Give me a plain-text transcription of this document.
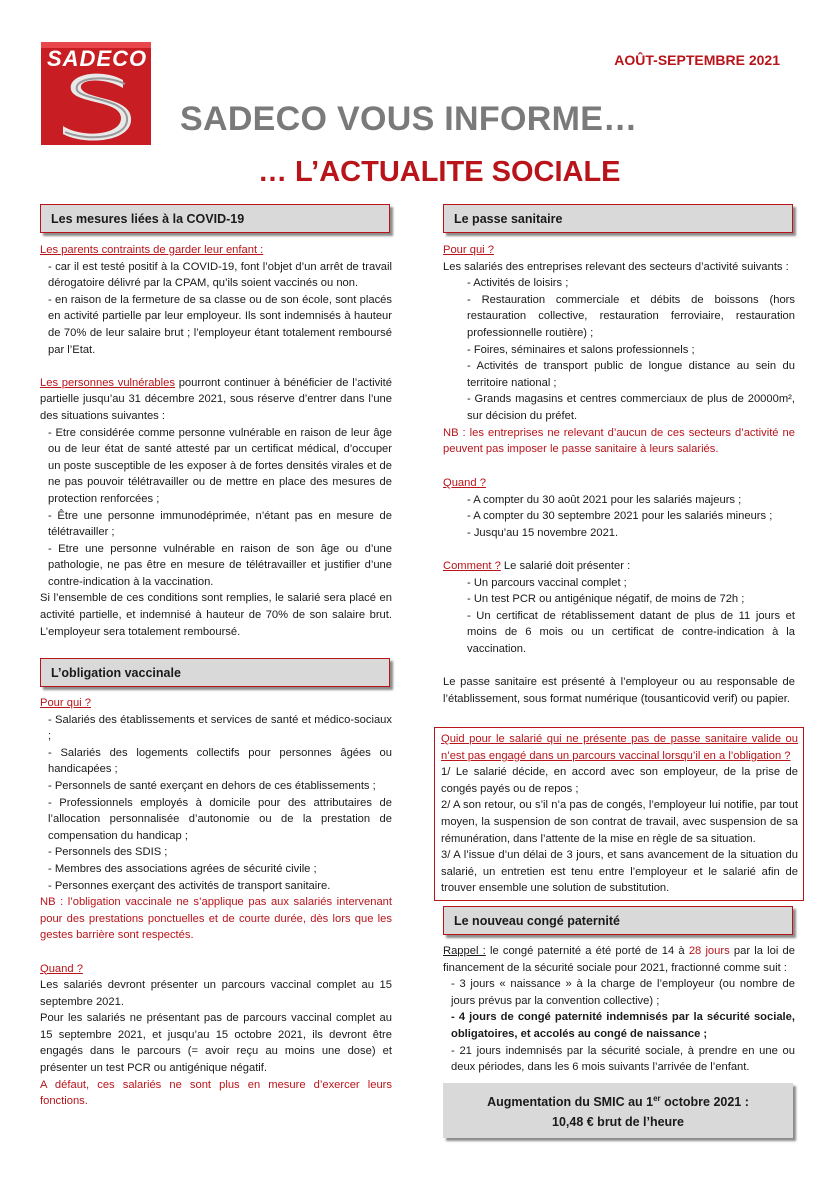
SADECO	AOÛT-SEPTEMBRE 2021
SADECO VOUS INFORME…
… L’ACTUALITE SOCIALE
Les mesures liées à la COVID-19

Les parents contraints de garder leur enfant :

- car il est testé positif à la COVID-19, font l’objet d’un arrêt de travail dérogatoire délivré par la CPAM, qu’ils soient vaccinés ou non.

- en raison de la fermeture de sa classe ou de son école, sont placés en activité partielle par leur employeur. Ils sont indemnisés à hauteur de 70% de leur salaire brut ; l’employeur étant totalement remboursé par l’Etat.

Les personnes vulnérables pourront continuer à bénéficier de l’activité partielle jusqu’au 31 décembre 2021, sous réserve d’entrer dans l’une des situations suivantes :

- Etre considérée comme personne vulnérable en raison de leur âge ou de leur état de santé attesté par un certificat médical, d’occuper un poste susceptible de les exposer à de fortes densités virales et de ne pas pouvoir télétravailler ou de mettre en place des mesures de protection renforcées ;

- Être une personne immunodéprimée, n’étant pas en mesure de télétravailler ;

- Etre une personne vulnérable en raison de son âge ou d’une pathologie, ne pas être en mesure de télétravailler et justifier d’une contre-indication à la vaccination.

Si l’ensemble de ces conditions sont remplies, le salarié sera placé en activité partielle, et indemnisé à hauteur de 70% de son salaire brut. L’employeur sera totalement remboursé.

L’obligation vaccinale

Pour qui ?

- Salariés des établissements et services de santé et médico-sociaux ;

- Salariés des logements collectifs pour personnes âgées ou handicapées ;

- Personnels de santé exerçant en dehors de ces établissements ;

- Professionnels employés à domicile pour des attributaires de l’allocation personnalisée d’autonomie ou de la prestation de compensation du handicap ;

- Personnels des SDIS ;

- Membres des associations agrées de sécurité civile ;

- Personnes exerçant des activités de transport sanitaire.

NB : l’obligation vaccinale ne s’applique pas aux salariés intervenant pour des prestations ponctuelles et de courte durée, dès lors que les gestes barrière sont respectés.

Quand ?

Les salariés devront présenter un parcours vaccinal complet au 15 septembre 2021.

Pour les salariés ne présentant pas de parcours vaccinal complet au 15 septembre 2021, et jusqu’au 15 octobre 2021, ils devront être engagés dans le parcours (= avoir reçu au moins une dose) et présenter un test PCR ou antigénique négatif.

A défaut, ces salariés ne sont plus en mesure d’exercer leurs fonctions.

Le passe sanitaire

Pour qui ?

Les salariés des entreprises relevant des secteurs d’activité suivants :

- Activités de loisirs ;

- Restauration commerciale et débits de boissons (hors restauration collective, restauration ferroviaire, restauration professionnelle routière) ;

- Foires, séminaires et salons professionnels ;

- Activités de transport public de longue distance au sein du territoire national ;

- Grands magasins et centres commerciaux de plus de 20000m², sur décision du préfet.

NB : les entreprises ne relevant d’aucun de ces secteurs d’activité ne peuvent pas imposer le passe sanitaire à leurs salariés.

Quand ?

- A compter du 30 août 2021 pour les salariés majeurs ;

- A compter du 30 septembre 2021 pour les salariés mineurs ;

- Jusqu’au 15 novembre 2021.

Comment ? Le salarié doit présenter :

- Un parcours vaccinal complet ;

- Un test PCR ou antigénique négatif, de moins de 72h ;

- Un certificat de rétablissement datant de plus de 11 jours et moins de 6 mois ou un certificat de contre-indication à la vaccination.

Le passe sanitaire est présenté à l’employeur ou au responsable de l’établissement, sous format numérique (tousanticovid verif) ou papier.

Quid pour le salarié qui ne présente pas de passe sanitaire valide ou n’est pas engagé dans un parcours vaccinal lorsqu’il en a l’obligation ?

1/ Le salarié décide, en accord avec son employeur, de la prise de congés payés ou de repos ;

2/ A son retour, ou s’il n’a pas de congés, l’employeur lui notifie, par tout moyen, la suspension de son contrat de travail, avec suspension de sa rémunération, dans l’attente de la mise en règle de sa situation.

3/ A l’issue d’un délai de 3 jours, et sans avancement de la situation du salarié, un entretien est tenu entre l’employeur et le salarié afin de trouver ensemble une solution de substitution.

Le nouveau congé paternité

Rappel : le congé paternité a été porté de 14 à 28 jours par la loi de financement de la sécurité sociale pour 2021, fractionné comme suit :

- 3 jours « naissance » à la charge de l’employeur (ou nombre de jours prévus par la convention collective) ;

- 4 jours de congé paternité indemnisés par la sécurité sociale, obligatoires, et accolés au congé de naissance ;

- 21 jours indemnisés par la sécurité sociale, à prendre en une ou deux périodes, dans les 6 mois suivants l’arrivée de l’enfant.

Augmentation du SMIC au 1er octobre 2021 :
10,48 € brut de l’heure
